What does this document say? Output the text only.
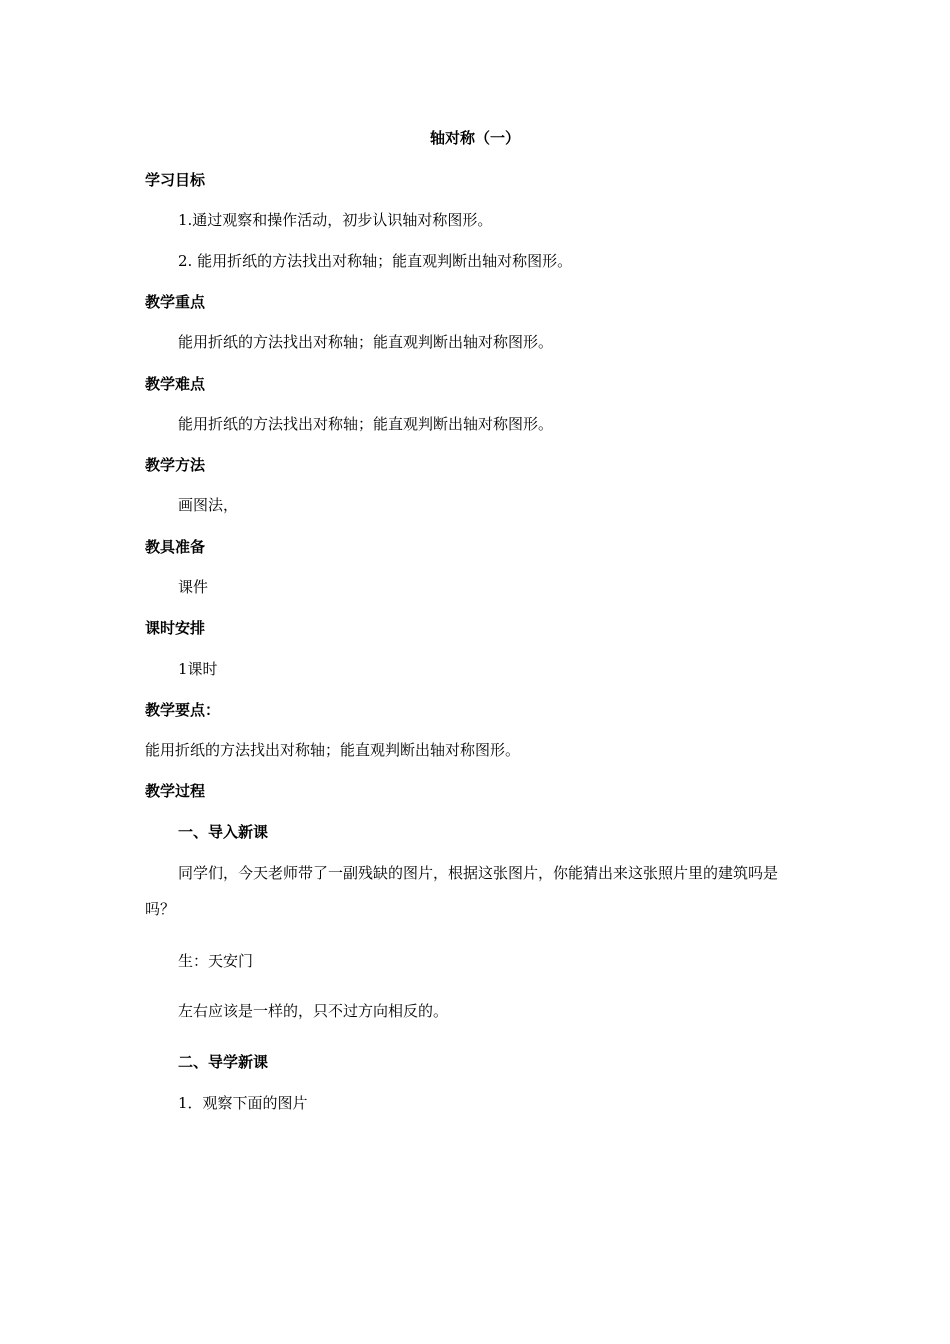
轴对称（一）
学习目标
1.通过观察和操作活动，初步认识轴对称图形。
2. 能用折纸的方法找出对称轴；能直观判断出轴对称图形。
教学重点
能用折纸的方法找出对称轴；能直观判断出轴对称图形。
教学难点
能用折纸的方法找出对称轴；能直观判断出轴对称图形。
教学方法
画图法，
教具准备
课件
课时安排
1课时
教学要点：
能用折纸的方法找出对称轴；能直观判断出轴对称图形。
教学过程
一、导入新课
同学们，今天老师带了一副残缺的图片，根据这张图片，你能猜出来这张照片里的建筑吗是吗？
生：天安门
左右应该是一样的，只不过方向相反的。
二、导学新课
1．观察下面的图片
